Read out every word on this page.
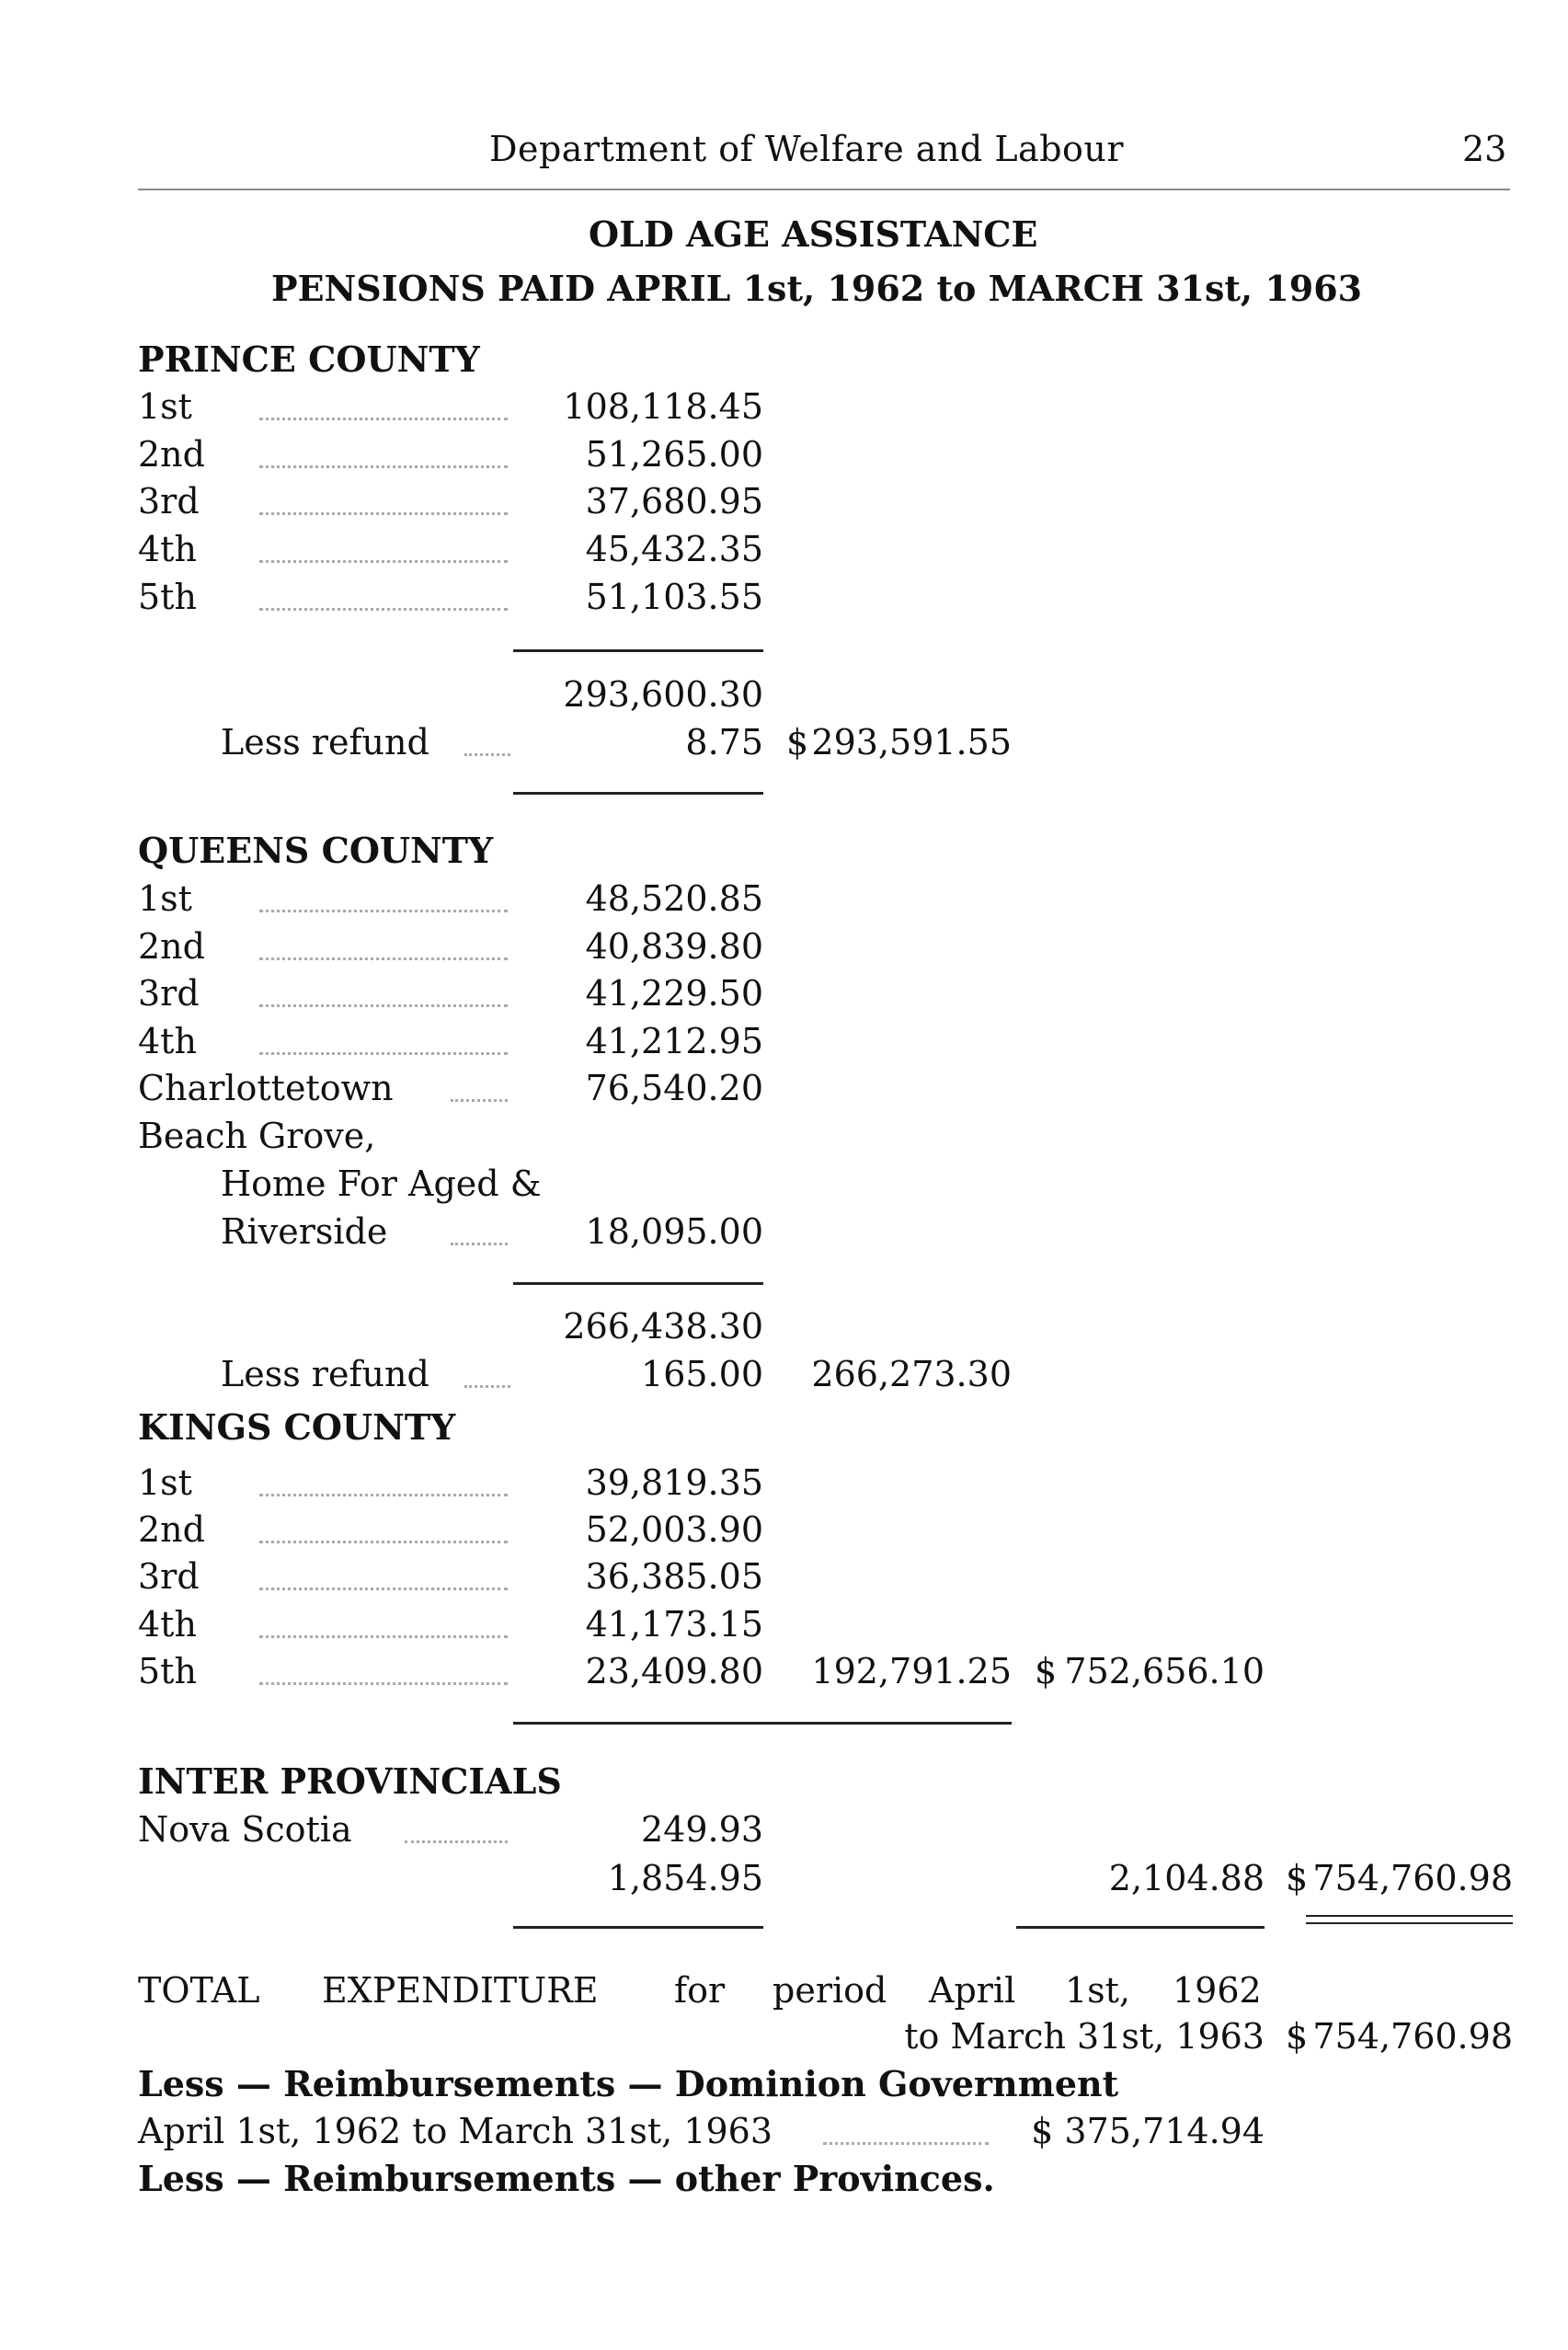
Department of Welfare and Labour	23
OLD AGE ASSISTANCE
PENSIONS PAID APRIL 1st, 1962 to MARCH 31st, 1963
PRINCE COUNTY
1st	108,118.45
2nd	51,265.00
3rd	37,680.95
4th	45,432.35
5th	51,103.55
293,600.30
Less refund	8.75 $ 293,591.55
QUEENS COUNTY
1st	48,520.85
2nd	40,839.80
3rd	41,229.50
4th	41,212.95
Charlottetown	76,540.20
Beach Grove,
Home For Aged &
Riverside	18,095.00
266,438.30
Less refund	165.00 266,273.30
KINGS COUNTY
1st	39,819.35
2nd	52,003.90
3rd	36,385.05
4th	41,173.15
5th	23,409.80 192,791.25 $ 752,656.10
INTER PROVINCIALS
Nova Scotia	249.93
1,854.95	2,104.88 $ 754,760.98
TOTAL EXPENDITURE for period April 1st, 1962
to March 31st, 1963 $ 754,760.98
Less — Reimbursements — Dominion Government
April 1st, 1962 to March 31st, 1963	$ 375,714.94
Less — Reimbursements — other Provinces.
